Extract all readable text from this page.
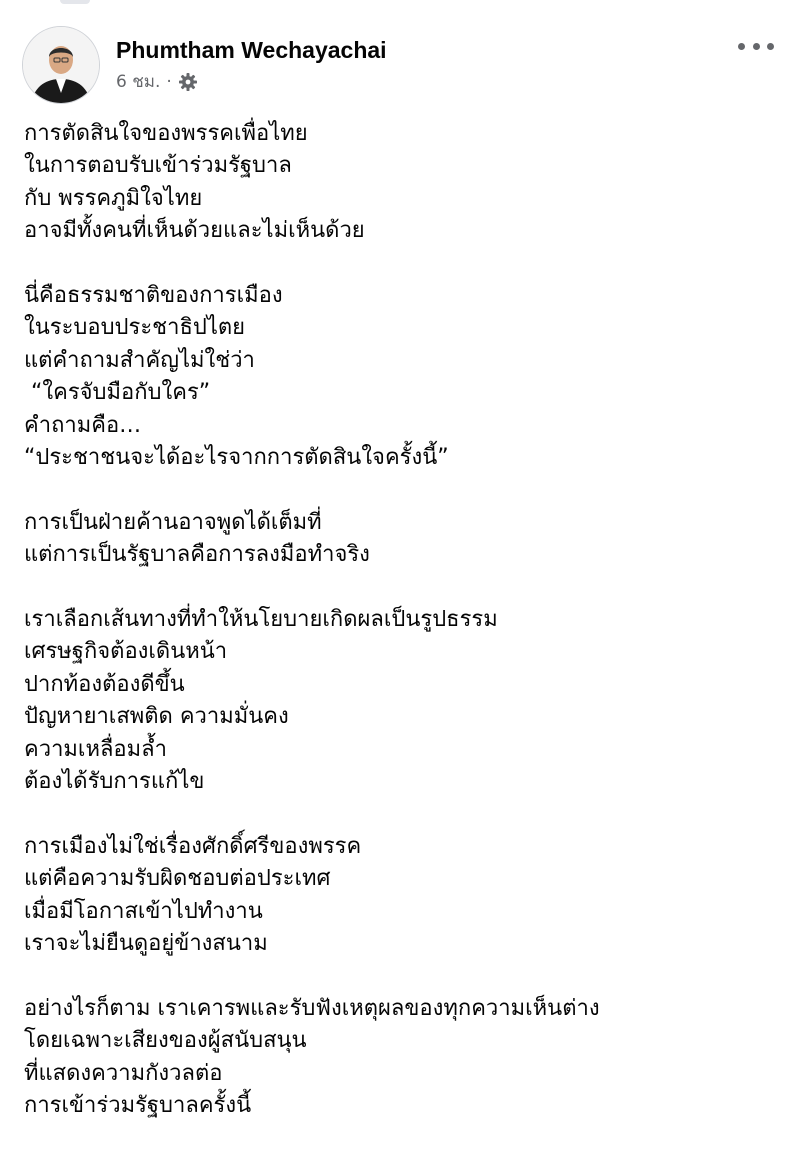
Phumtham Wechayachai
6 ชม. ·
การตัดสินใจของพรรคเพื่อไทย
ในการตอบรับเข้าร่วมรัฐบาล
กับ พรรคภูมิใจไทย
อาจมีทั้งคนที่เห็นด้วยและไม่เห็นด้วย
นี่คือธรรมชาติของการเมือง
ในระบอบประชาธิปไตย
แต่คำถามสำคัญไม่ใช่ว่า
“ใครจับมือกับใคร”
คำถามคือ…
“ประชาชนจะได้อะไรจากการตัดสินใจครั้งนี้”
การเป็นฝ่ายค้านอาจพูดได้เต็มที่
แต่การเป็นรัฐบาลคือการลงมือทำจริง
เราเลือกเส้นทางที่ทำให้นโยบายเกิดผลเป็นรูปธรรม
เศรษฐกิจต้องเดินหน้า
ปากท้องต้องดีขึ้น
ปัญหายาเสพติด ความมั่นคง
ความเหลื่อมล้ำ
ต้องได้รับการแก้ไข
การเมืองไม่ใช่เรื่องศักดิ์ศรีของพรรค
แต่คือความรับผิดชอบต่อประเทศ
เมื่อมีโอกาสเข้าไปทำงาน
เราจะไม่ยืนดูอยู่ข้างสนาม
อย่างไรก็ตาม เราเคารพและรับฟังเหตุผลของทุกความเห็นต่าง
โดยเฉพาะเสียงของผู้สนับสนุน
ที่แสดงความกังวลต่อ
การเข้าร่วมรัฐบาลครั้งนี้
